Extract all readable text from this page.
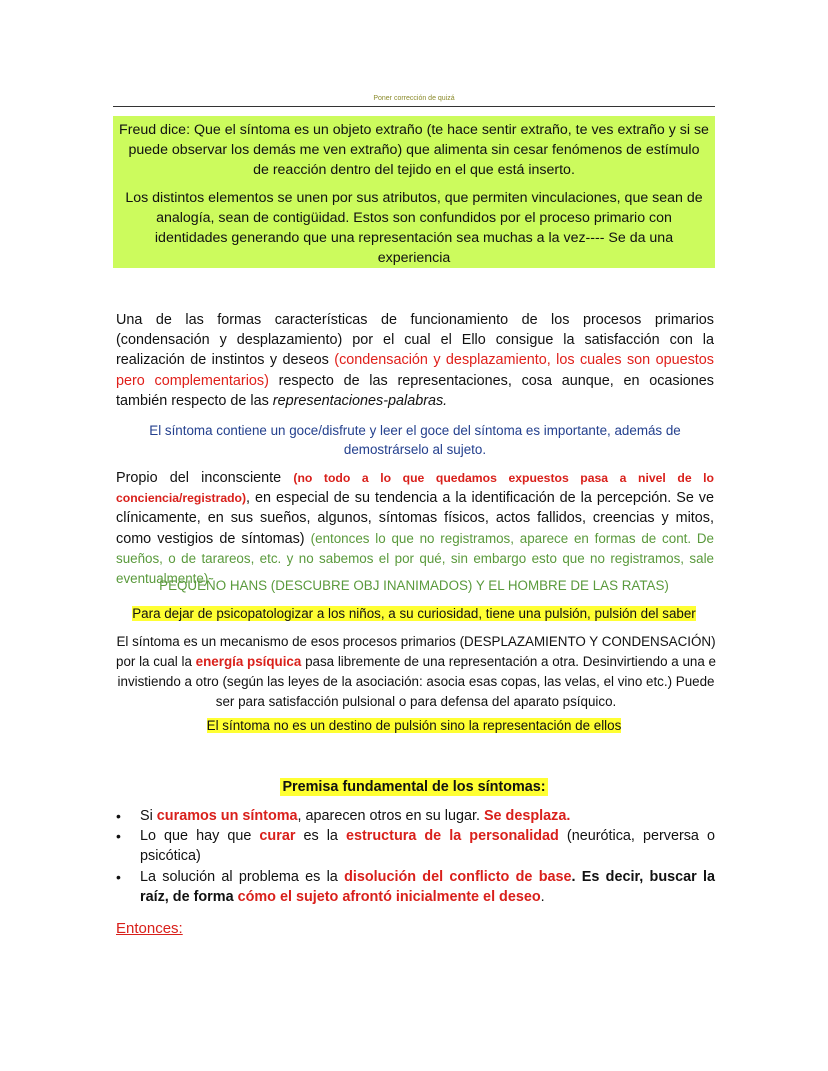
Poner corrección de quizá

Freud dice: Que el síntoma es un objeto extraño (te hace sentir extraño, te ves extraño y si se puede observar los demás me ven extraño) que alimenta sin cesar fenómenos de estímulo de reacción dentro del tejido en el que está inserto.

Los distintos elementos se unen por sus atributos, que permiten vinculaciones, que sean de analogía, sean de contigüidad. Estos son confundidos por el proceso primario con identidades generando que una representación sea muchas a la vez---- Se da una experiencia

Una de las formas características de funcionamiento de los procesos primarios (condensación y desplazamiento) por el cual el Ello consigue la satisfacción con la realización de instintos y deseos (condensación y desplazamiento, los cuales son opuestos pero complementarios) respecto de las representaciones, cosa aunque, en ocasiones también respecto de las representaciones-palabras.
El síntoma contiene un goce/disfrute y leer el goce del síntoma es importante, además de demostrárselo al sujeto.
Propio del inconsciente (no todo a lo que quedamos expuestos pasa a nivel de lo conciencia/registrado), en especial de su tendencia a la identificación de la percepción. Se ve clínicamente, en sus sueños, algunos, síntomas físicos, actos fallidos, creencias y mitos, como vestigios de síntomas) (entonces lo que no registramos, aparece en formas de cont. De sueños, o de tarareos, etc. y no sabemos el por qué, sin embargo esto que no registramos, sale eventualmente)
PEQUEÑO HANS (DESCUBRE OBJ INANIMADOS) Y EL HOMBRE DE LAS RATAS)
Para dejar de psicopatologizar a los niños, a su curiosidad, tiene una pulsión, pulsión del saber
El síntoma es un mecanismo de esos procesos primarios (DESPLAZAMIENTO Y CONDENSACIÓN) por la cual la energía psíquica pasa libremente de una representación a otra. Desinvirtiendo a una e invistiendo a otro (según las leyes de la asociación: asocia esas copas, las velas, el vino etc.) Puede ser para satisfacción pulsional o para defensa del aparato psíquico.
El síntoma no es un destino de pulsión sino la representación de ellos
Premisa fundamental de los síntomas:
• Si curamos un síntoma, aparecen otros en su lugar. Se desplaza.
• Lo que hay que curar es la estructura de la personalidad (neurótica, perversa o psicótica)
• La solución al problema es la disolución del conflicto de base. Es decir, buscar la raíz, de forma cómo el sujeto afrontó inicialmente el deseo.
Entonces:
